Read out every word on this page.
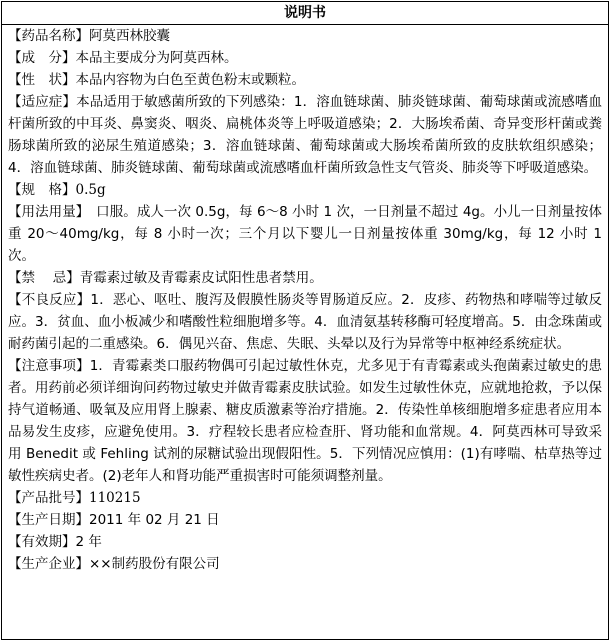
说明书

【药品名称】阿莫西林胶囊

【成　分】本品主要成分为阿莫西林。

【性　状】本品内容物为白色至黄色粉末或颗粒。

【适应症】本品适用于敏感菌所致的下列感染：1．溶血链球菌、肺炎链球菌、葡萄球菌或流感嗜血杆菌所致的中耳炎、鼻窦炎、咽炎、扁桃体炎等上呼吸道感染；2．大肠埃希菌、奇异变形杆菌或粪肠球菌所致的泌尿生殖道感染；3．溶血链球菌、葡萄球菌或大肠埃希菌所致的皮肤软组织感染；4．溶血链球菌、肺炎链球菌、葡萄球菌或流感嗜血杆菌所致急性支气管炎、肺炎等下呼吸道感染。

【规　格】0.5g

【用法用量】　口服。成人一次 0.5g，每 6～8 小时 1 次，一日剂量不超过 4g。小儿一日剂量按体重 20～40mg/kg，每 8 小时一次；三个月以下婴儿一日剂量按体重 30mg/kg，每 12 小时 1 次。

【禁　 忌】青霉素过敏及青霉素皮试阳性患者禁用。

【不良反应】1．恶心、呕吐、腹泻及假膜性肠炎等胃肠道反应。2．皮疹、药物热和哮喘等过敏反应。3．贫血、血小板减少和嗜酸性粒细胞增多等。4．血清氨基转移酶可轻度增高。5．由念珠菌或耐药菌引起的二重感染。6．偶见兴奋、焦虑、失眠、头晕以及行为异常等中枢神经系统症状。

【注意事项】1．青霉素类口服药物偶可引起过敏性休克，尤多见于有青霉素或头孢菌素过敏史的患者。用药前必须详细询问药物过敏史并做青霉素皮肤试验。如发生过敏性休克，应就地抢救，予以保持气道畅通、吸氧及应用肾上腺素、糖皮质激素等治疗措施。2．传染性单核细胞增多症患者应用本品易发生皮疹，应避免使用。3．疗程较长患者应检查肝、肾功能和血常规。4．阿莫西林可导致采用 Benedit 或 Fehling 试剂的尿糖试验出现假阳性。5．下列情况应慎用：(1)有哮喘、枯草热等过敏性疾病史者。(2)老年人和肾功能严重损害时可能须调整剂量。

【产品批号】110215

【生产日期】2011 年 02 月 21 日

【有效期】2 年

【生产企业】××制药股份有限公司
